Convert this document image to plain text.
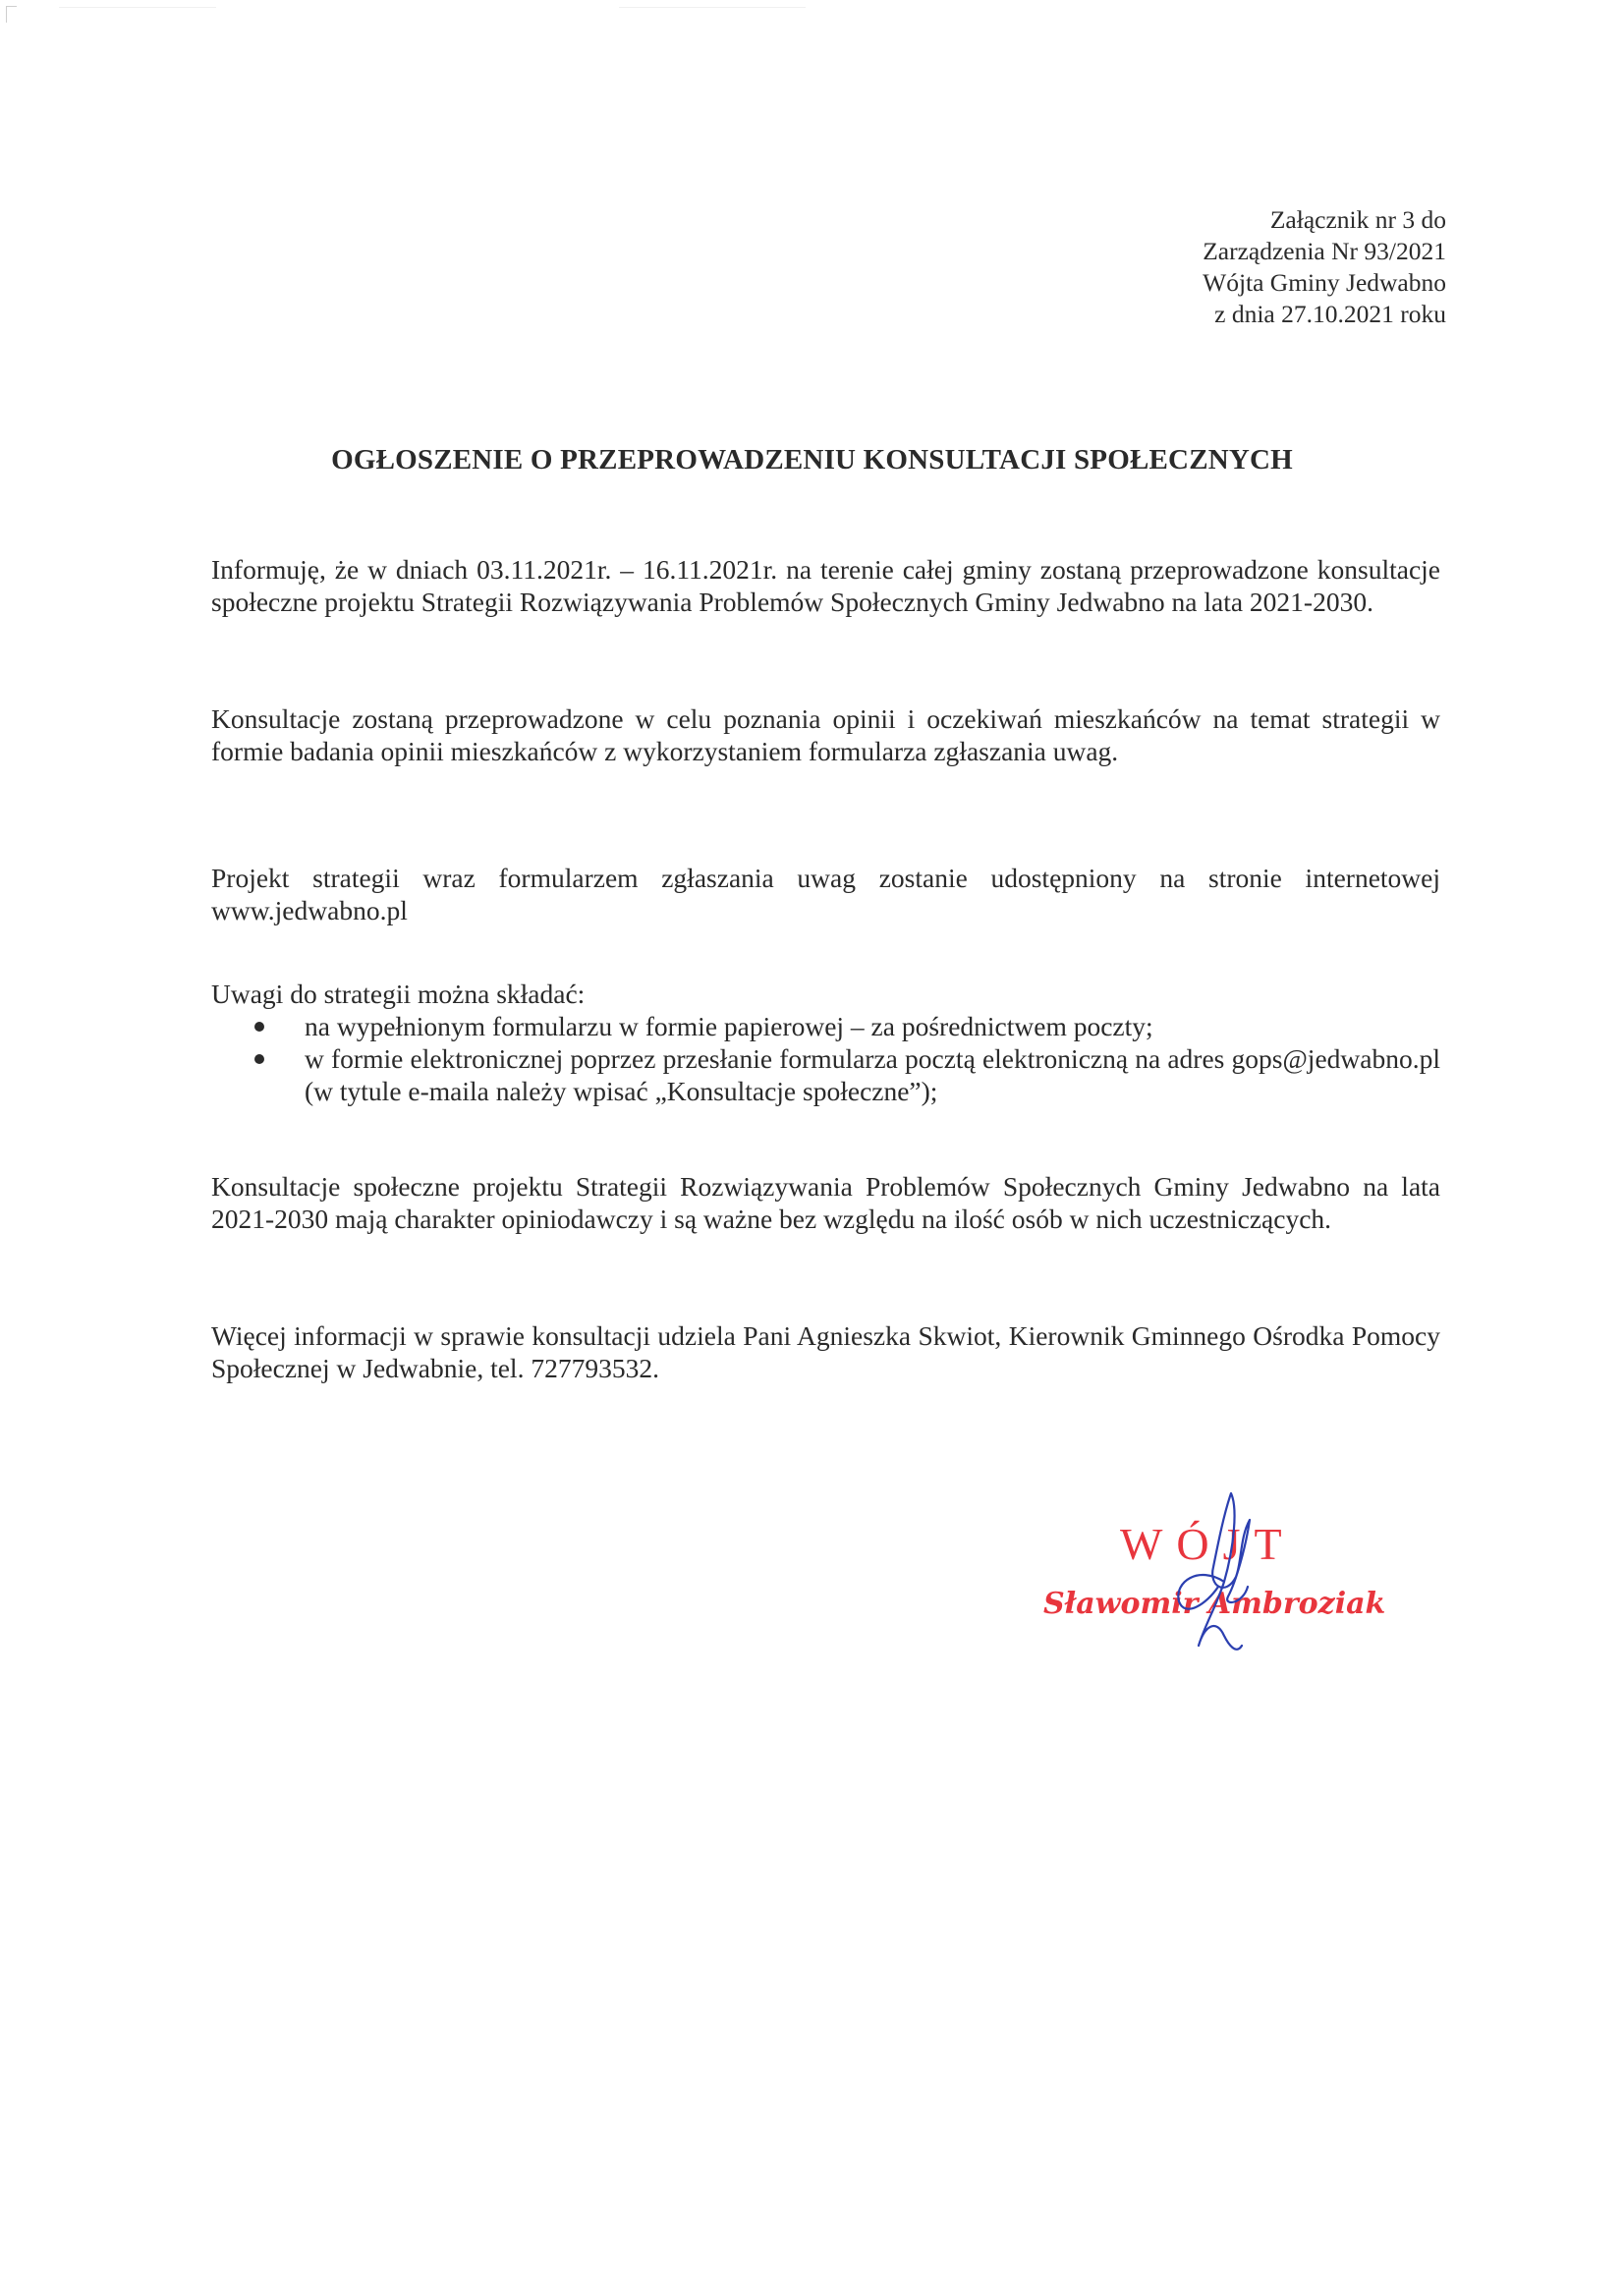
Załącznik nr 3 do
Zarządzenia Nr 93/2021
Wójta Gminy Jedwabno
z dnia 27.10.2021 roku
OGŁOSZENIE O PRZEPROWADZENIU KONSULTACJI SPOŁECZNYCH

Informuję, że w dniach 03.11.2021r. – 16.11.2021r. na terenie całej gminy zostaną przeprowadzone konsultacje społeczne projektu Strategii Rozwiązywania Problemów Społecznych Gminy Jedwabno na lata 2021-2030.

Konsultacje zostaną przeprowadzone w celu poznania opinii i oczekiwań mieszkańców na temat strategii w formie badania opinii mieszkańców z wykorzystaniem formularza zgłaszania uwag.

Projekt strategii wraz formularzem zgłaszania uwag zostanie udostępniony na stronie internetowej www.jedwabno.pl

Uwagi do strategii można składać:

na wypełnionym formularzu w formie papierowej – za pośrednictwem poczty;
w formie elektronicznej poprzez przesłanie formularza pocztą elektroniczną na adres gops@jedwabno.pl (w tytule e-maila należy wpisać „Konsultacje społeczne”);

Konsultacje społeczne projektu Strategii Rozwiązywania Problemów Społecznych Gminy Jedwabno na lata 2021-2030 mają charakter opiniodawczy i są ważne bez względu na ilość osób w nich uczestniczących.

Więcej informacji w sprawie konsultacji udziela Pani Agnieszka Skwiot, Kierownik Gminnego Ośrodka Pomocy Społecznej w Jedwabnie, tel. 727793532.

WÓJT
Sławomir Ambroziak
